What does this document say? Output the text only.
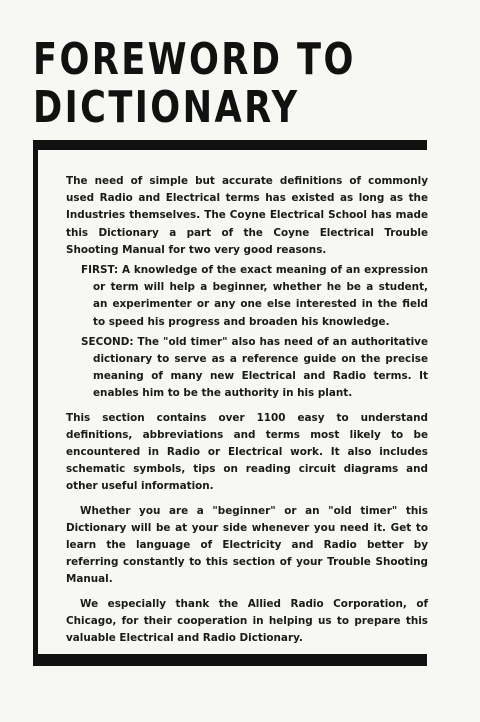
FOREWORD TO
DICTIONARY

The need of simple but accurate definitions of commonly used Radio and Electrical terms has existed as long as the Industries themselves. The Coyne Electrical School has made this Dictionary a part of the Coyne Electrical Trouble Shooting Manual for two very good reasons.

FIRST: A knowledge of the exact meaning of an expression or term will help a beginner, whether he be a student, an experimenter or any one else interested in the field to speed his progress and broaden his knowledge.

SECOND: The "old timer" also has need of an authoritative dictionary to serve as a reference guide on the precise meaning of many new Electrical and Radio terms. It enables him to be the authority in his plant.

This section contains over 1100 easy to understand definitions, abbreviations and terms most likely to be encountered in Radio or Electrical work. It also includes schematic symbols, tips on reading circuit diagrams and other useful information.

Whether you are a "beginner" or an "old timer" this Dictionary will be at your side whenever you need it. Get to learn the language of Electricity and Radio better by referring constantly to this section of your Trouble Shooting Manual.

We especially thank the Allied Radio Corporation, of Chicago, for their cooperation in helping us to prepare this valuable Electrical and Radio Dictionary.
